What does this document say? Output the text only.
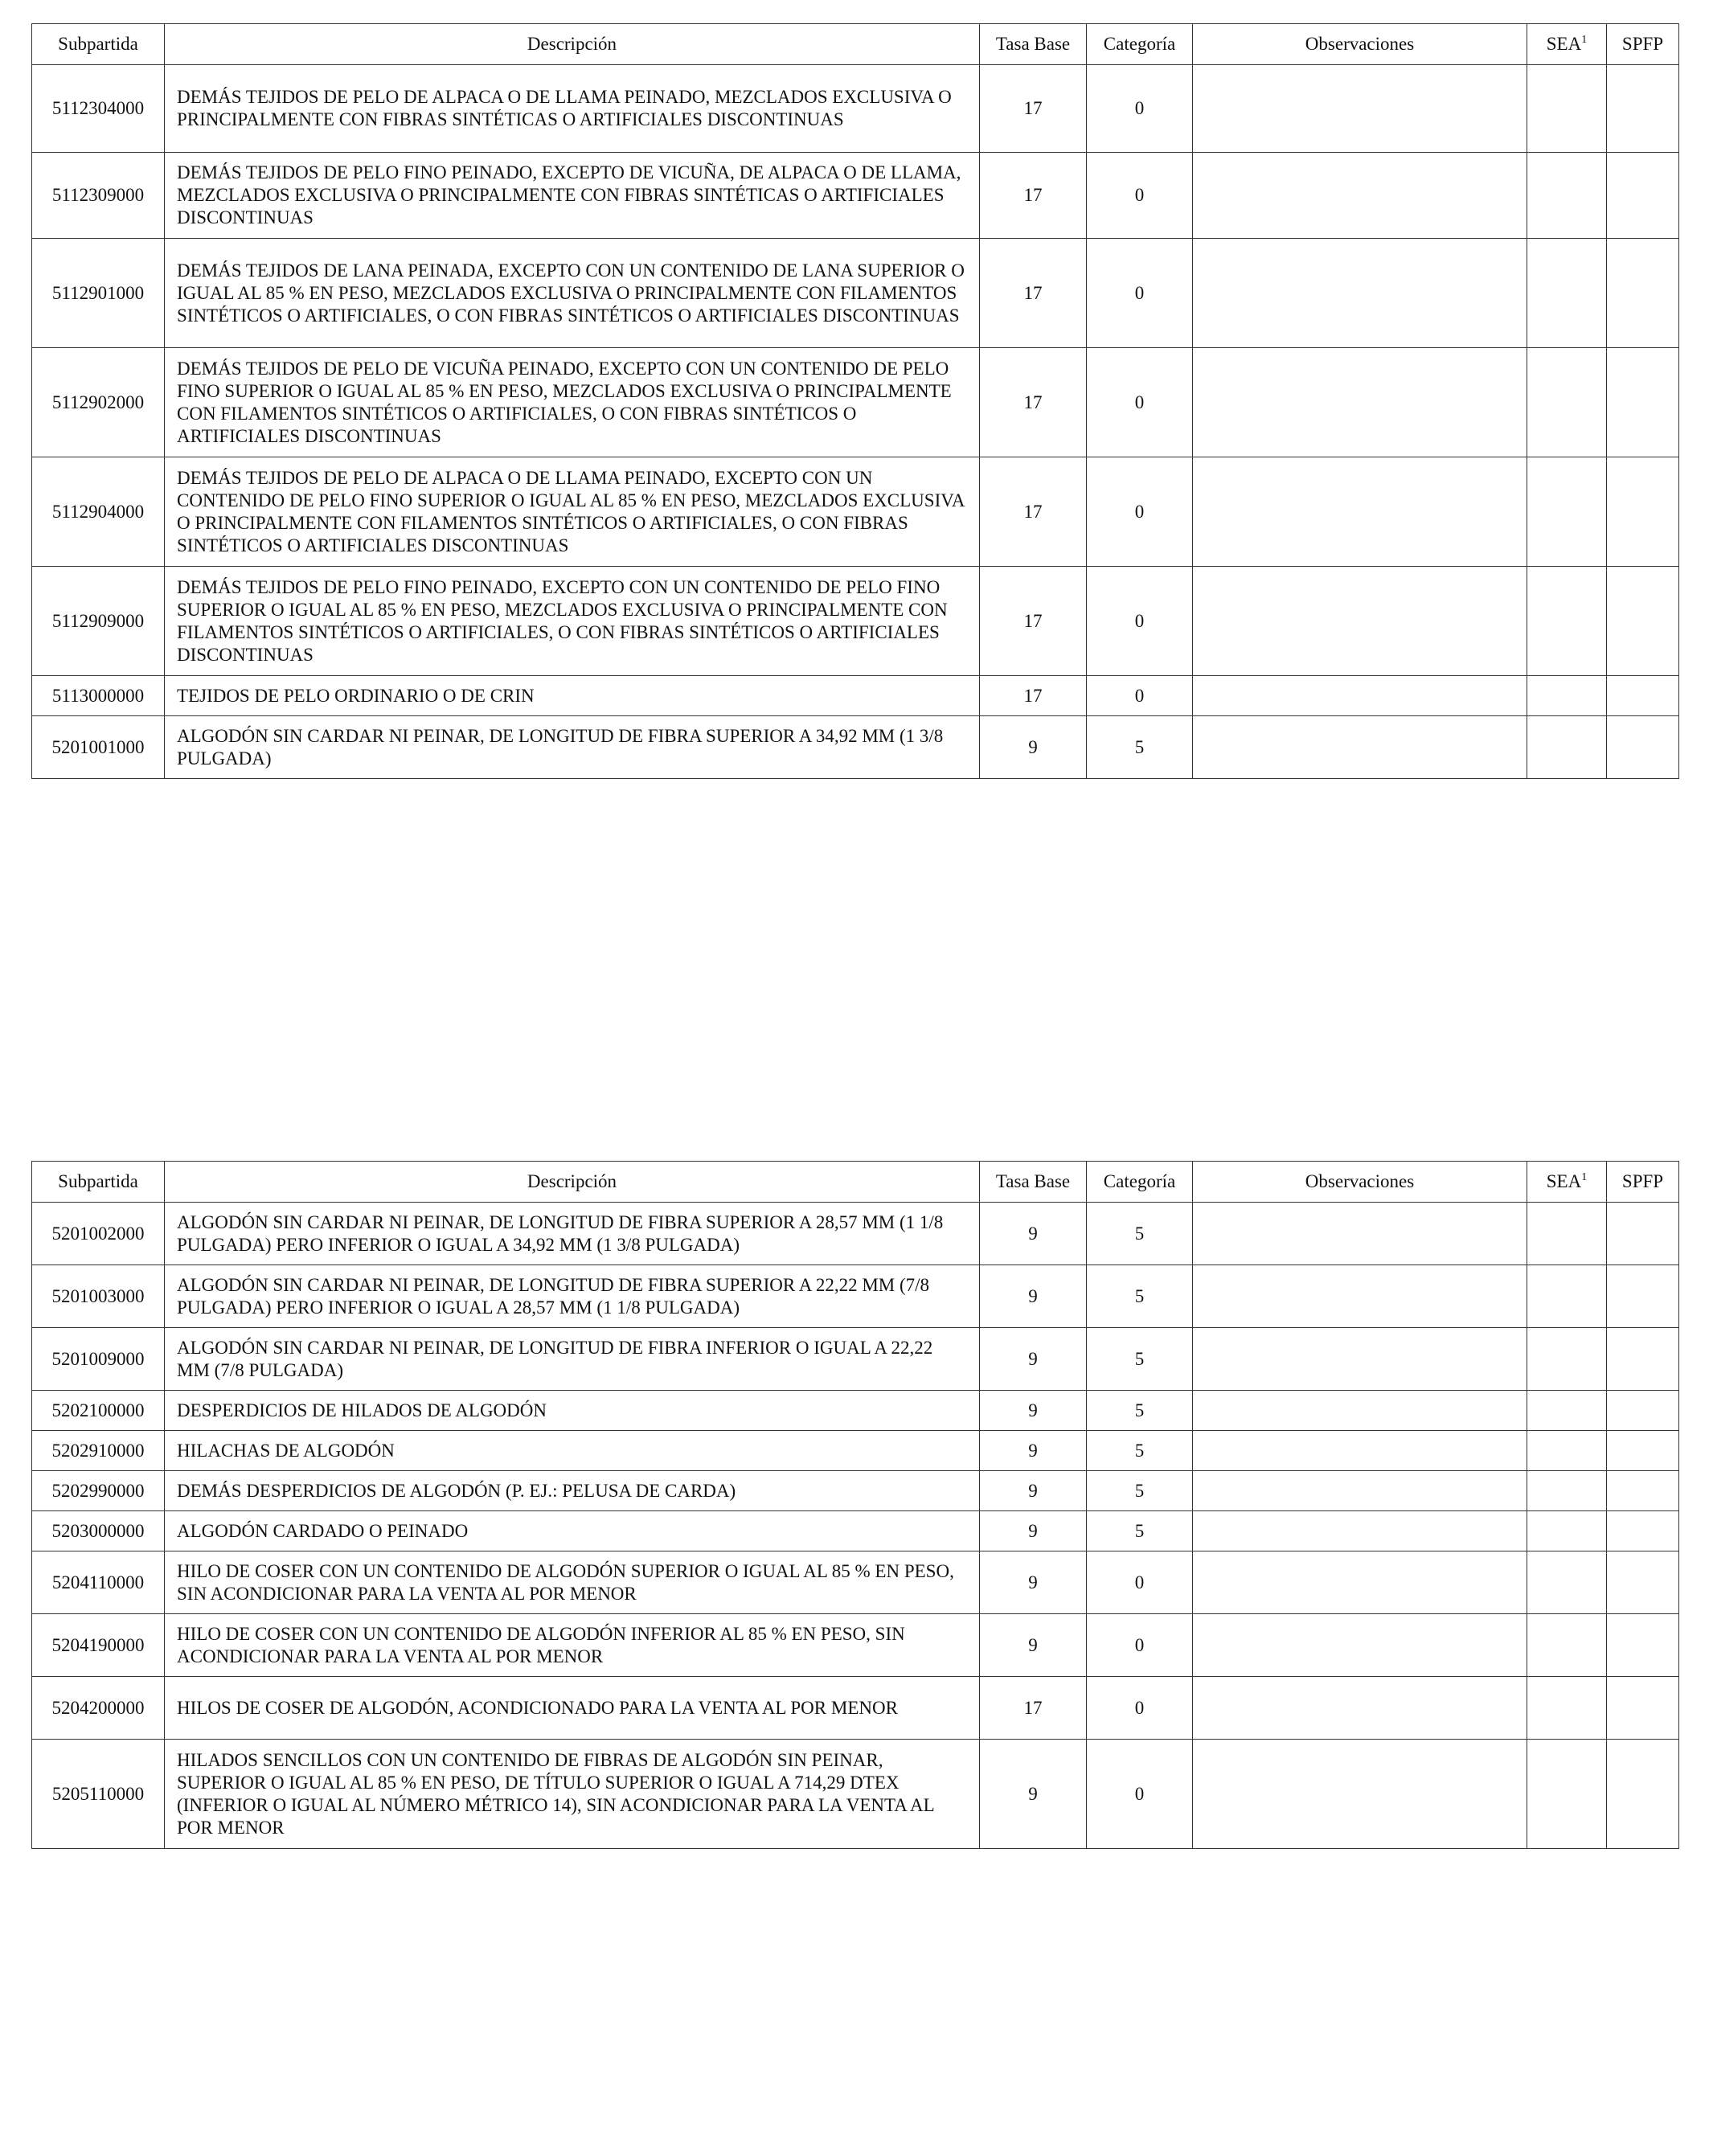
Subpartida	Descripción	Tasa Base	Categoría	Observaciones	SEA$^1$	SPFP
5112304000	DEMÁS TEJIDOS DE PELO DE ALPACA O DE LLAMA PEINADO, MEZCLADOS EXCLUSIVA O PRINCIPALMENTE CON FIBRAS SINTÉTICAS O ARTIFICIALES DISCONTINUAS	17	0			
5112309000	DEMÁS TEJIDOS DE PELO FINO PEINADO, EXCEPTO DE VICUÑA, DE ALPACA O DE LLAMA, MEZCLADOS EXCLUSIVA O PRINCIPALMENTE CON FIBRAS SINTÉTICAS O ARTIFICIALES DISCONTINUAS	17	0			
5112901000	DEMÁS TEJIDOS DE LANA PEINADA, EXCEPTO CON UN CONTENIDO DE LANA SUPERIOR O IGUAL AL 85 % EN PESO, MEZCLADOS EXCLUSIVA O PRINCIPALMENTE CON FILAMENTOS SINTÉTICOS O ARTIFICIALES, O CON FIBRAS SINTÉTICOS O ARTIFICIALES DISCONTINUAS	17	0			
5112902000	DEMÁS TEJIDOS DE PELO DE VICUÑA PEINADO, EXCEPTO CON UN CONTENIDO DE PELO FINO SUPERIOR O IGUAL AL 85 % EN PESO, MEZCLADOS EXCLUSIVA O PRINCIPALMENTE CON FILAMENTOS SINTÉTICOS O ARTIFICIALES, O CON FIBRAS SINTÉTICOS O ARTIFICIALES DISCONTINUAS	17	0			
5112904000	DEMÁS TEJIDOS DE PELO DE ALPACA O DE LLAMA PEINADO, EXCEPTO CON UN CONTENIDO DE PELO FINO SUPERIOR O IGUAL AL 85 % EN PESO, MEZCLADOS EXCLUSIVA O PRINCIPALMENTE CON FILAMENTOS SINTÉTICOS O ARTIFICIALES, O CON FIBRAS SINTÉTICOS O ARTIFICIALES DISCONTINUAS	17	0			
5112909000	DEMÁS TEJIDOS DE PELO FINO PEINADO, EXCEPTO CON UN CONTENIDO DE PELO FINO SUPERIOR O IGUAL AL 85 % EN PESO, MEZCLADOS EXCLUSIVA O PRINCIPALMENTE CON FILAMENTOS SINTÉTICOS O ARTIFICIALES, O CON FIBRAS SINTÉTICOS O ARTIFICIALES DISCONTINUAS	17	0			
5113000000	TEJIDOS DE PELO ORDINARIO O DE CRIN	17	0			
5201001000	ALGODÓN SIN CARDAR NI PEINAR, DE LONGITUD DE FIBRA SUPERIOR A 34,92 MM (1 3/8 PULGADA)	9	5			
Subpartida	Descripción	Tasa Base	Categoría	Observaciones	SEA$^1$	SPFP
5201002000	ALGODÓN SIN CARDAR NI PEINAR, DE LONGITUD DE FIBRA SUPERIOR A 28,57 MM (1 1/8 PULGADA) PERO INFERIOR O IGUAL A 34,92 MM (1 3/8 PULGADA)	9	5			
5201003000	ALGODÓN SIN CARDAR NI PEINAR, DE LONGITUD DE FIBRA SUPERIOR A 22,22 MM (7/8 PULGADA) PERO INFERIOR O IGUAL A 28,57 MM (1 1/8 PULGADA)	9	5			
5201009000	ALGODÓN SIN CARDAR NI PEINAR, DE LONGITUD DE FIBRA INFERIOR O IGUAL A 22,22 MM (7/8 PULGADA)	9	5			
5202100000	DESPERDICIOS DE HILADOS DE ALGODÓN	9	5			
5202910000	HILACHAS DE ALGODÓN	9	5			
5202990000	DEMÁS DESPERDICIOS DE ALGODÓN (P. EJ.: PELUSA DE CARDA)	9	5			
5203000000	ALGODÓN CARDADO O PEINADO	9	5			
5204110000	HILO DE COSER CON UN CONTENIDO DE ALGODÓN SUPERIOR O IGUAL AL 85 % EN PESO, SIN ACONDICIONAR PARA LA VENTA AL POR MENOR	9	0			
5204190000	HILO DE COSER CON UN CONTENIDO DE ALGODÓN INFERIOR AL 85 % EN PESO, SIN ACONDICIONAR PARA LA VENTA AL POR MENOR	9	0			
5204200000	HILOS DE COSER DE ALGODÓN, ACONDICIONADO PARA LA VENTA AL POR MENOR	17	0			
5205110000	HILADOS SENCILLOS CON UN CONTENIDO DE FIBRAS DE ALGODÓN SIN PEINAR, SUPERIOR O IGUAL AL 85 % EN PESO, DE TÍTULO SUPERIOR O IGUAL A 714,29 DTEX (INFERIOR O IGUAL AL NÚMERO MÉTRICO 14), SIN ACONDICIONAR PARA LA VENTA AL POR MENOR	9	0			
